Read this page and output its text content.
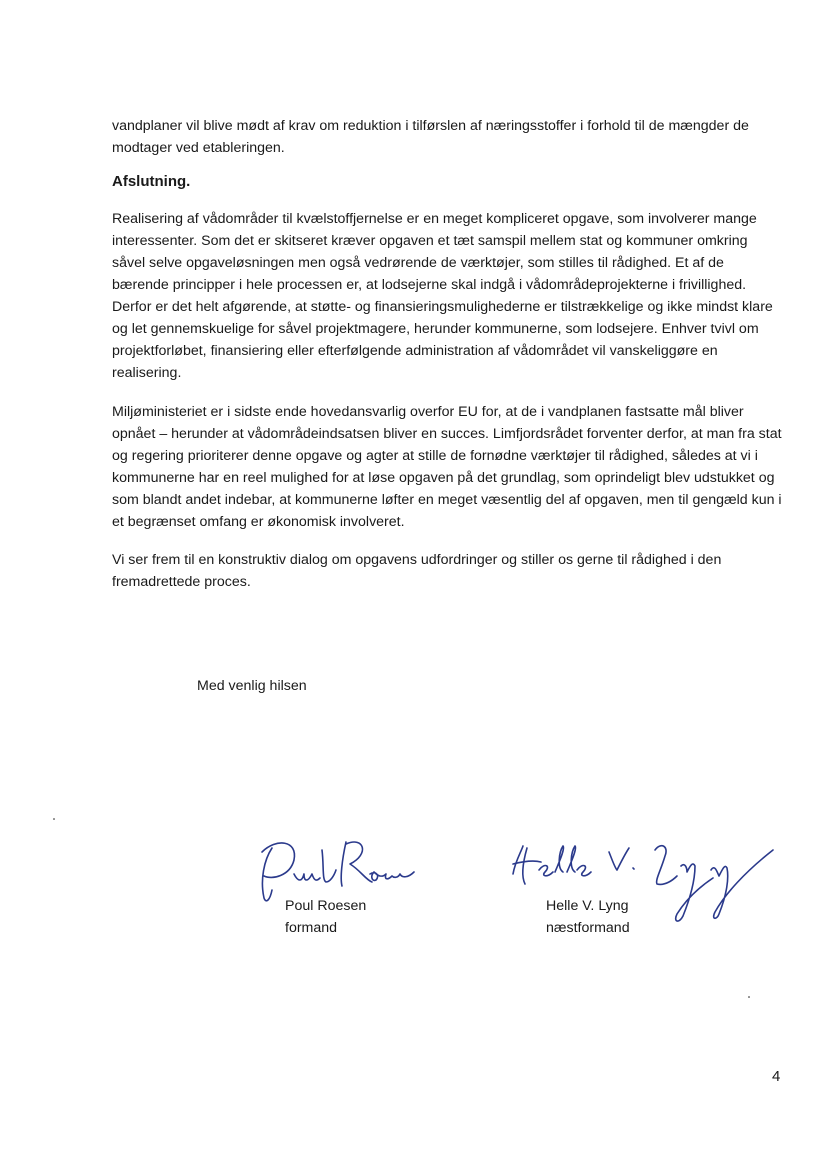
vandplaner vil blive mødt af krav om reduktion i tilførslen af næringsstoffer i forhold til de mængder de modtager ved etableringen.

Afslutning.

Realisering af vådområder til kvælstoffjernelse er en meget kompliceret opgave, som involverer mange interessenter. Som det er skitseret kræver opgaven et tæt samspil mellem stat og kommuner omkring såvel selve opgaveløsningen men også vedrørende de værktøjer, som stilles til rådighed. Et af de bærende principper i hele processen er, at lodsejerne skal indgå i vådområdeprojekterne i frivillighed. Derfor er det helt afgørende, at støtte- og finansieringsmulighederne er tilstrækkelige og ikke mindst klare og let gennemskuelige for såvel projektmagere, herunder kommunerne, som lodsejere. Enhver tvivl om projektforløbet, finansiering eller efterfølgende administration af vådområdet vil vanskeliggøre en realisering.

Miljøministeriet er i sidste ende hovedansvarlig overfor EU for, at de i vandplanen fastsatte mål bliver opnået – herunder at vådområdeindsatsen bliver en succes. Limfjordsrådet forventer derfor, at man fra stat og regering prioriterer denne opgave og agter at stille de fornødne værktøjer til rådighed, således at vi i kommunerne har en reel mulighed for at løse opgaven på det grundlag, som oprindeligt blev udstukket og som blandt andet indebar, at kommunerne løfter en meget væsentlig del af opgaven, men til gengæld kun i et begrænset omfang er økonomisk involveret.

Vi ser frem til en konstruktiv dialog om opgavens udfordringer og stiller os gerne til rådighed i den fremadrettede proces.

Med venlig hilsen

Poul Roesen
formand
Helle V. Lyng
næstformand
4
